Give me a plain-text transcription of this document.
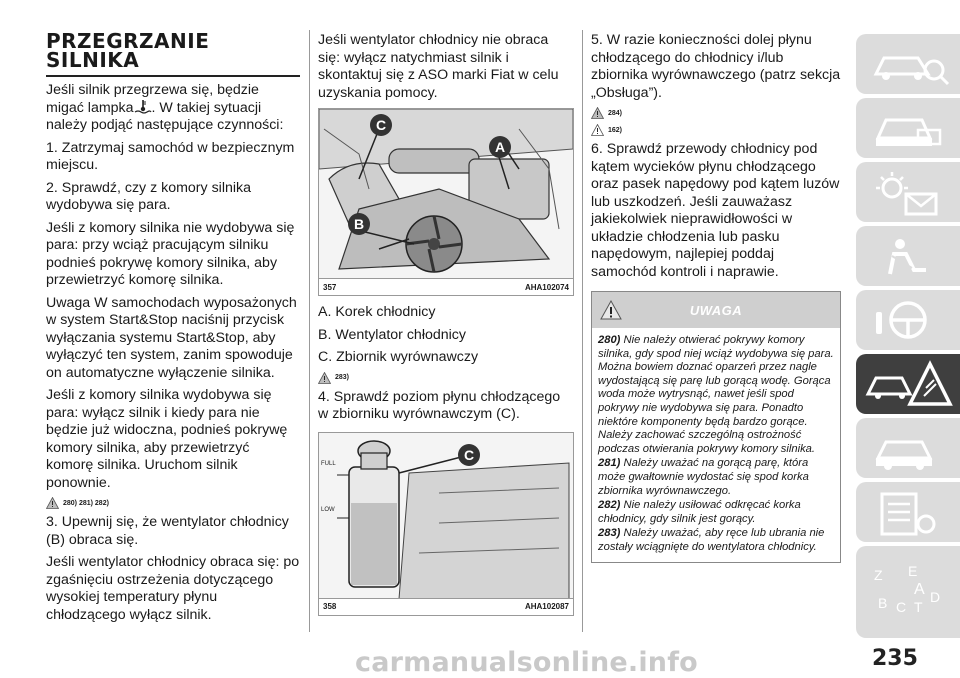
PRZEGRZANIE SILNIKA

Jeśli silnik przegrzewa się, będzie migać lampka . W takiej sytuacji należy podjąć następujące czynności:

1. Zatrzymaj samochód w bezpiecznym miejscu.

2. Sprawdź, czy z komory silnika wydobywa się para.

Jeśli z komory silnika nie wydobywa się para: przy wciąż pracującym silniku podnieś pokrywę komory silnika, aby przewietrzyć komorę silnika.

Uwaga W samochodach wyposażonych w system Start&Stop naciśnij przycisk wyłączania systemu Start&Stop, aby wyłączyć ten system, zanim spowoduje on automatyczne wyłączenie silnika.

Jeśli z komory silnika wydobywa się para: wyłącz silnik i kiedy para nie będzie już widoczna, podnieś pokrywę komory silnika, aby przewietrzyć komorę silnika. Uruchom silnik ponownie.

280) 281) 282)

3. Upewnij się, że wentylator chłodnicy (B) obraca się.

Jeśli wentylator chłodnicy obraca się: po zgaśnięciu ostrzeżenia dotyczącego wysokiej temperatury płynu chłodzącego wyłącz silnik.

Jeśli wentylator chłodnicy nie obraca się: wyłącz natychmiast silnik i skontaktuj się z ASO marki Fiat w celu uzyskania pomocy.

C
A
B
357	AHA102074

A. Korek chłodnicy

B. Wentylator chłodnicy

C. Zbiornik wyrównawczy

283)

4. Sprawdź poziom płynu chłodzącego w zbiorniku wyrównawczym (C).

FULL
LOW
C
358	AHA102087

5. W razie konieczności dolej płynu chłodzącego do chłodnicy i/lub zbiornika wyrównawczego (patrz sekcja „Obsługa”).

284)
162)

6. Sprawdź przewody chłodnicy pod kątem wycieków płynu chłodzącego oraz pasek napędowy pod kątem luzów lub uszkodzeń. Jeśli zauważasz jakiekolwiek nieprawidłowości w układzie chłodzenia lub pasku napędowym, najlepiej poddaj samochód kontroli i naprawie.

UWAGA

280) Nie należy otwierać pokrywy komory silnika, gdy spod niej wciąż wydobywa się para. Można bowiem doznać oparzeń przez nagle wydostającą się parę lub gorącą wodę. Gorąca woda może wytrysnąć, nawet jeśli spod pokrywy nie wydobywa się para. Ponadto niektóre komponenty będą bardzo gorące. Należy zachować szczególną ostrożność podczas otwierania pokrywy komory silnika.

281) Należy uważać na gorącą parę, która może gwałtownie wydostać się spod korka zbiornika wyrównawczego.

282) Nie należy usiłować odkręcać korka chłodnicy, gdy silnik jest gorący.

283) Należy uważać, aby ręce lub ubrania nie zostały wciągnięte do wentylatora chłodnicy.

Z E
B C T
D
A
carmanualsonline.info	235
